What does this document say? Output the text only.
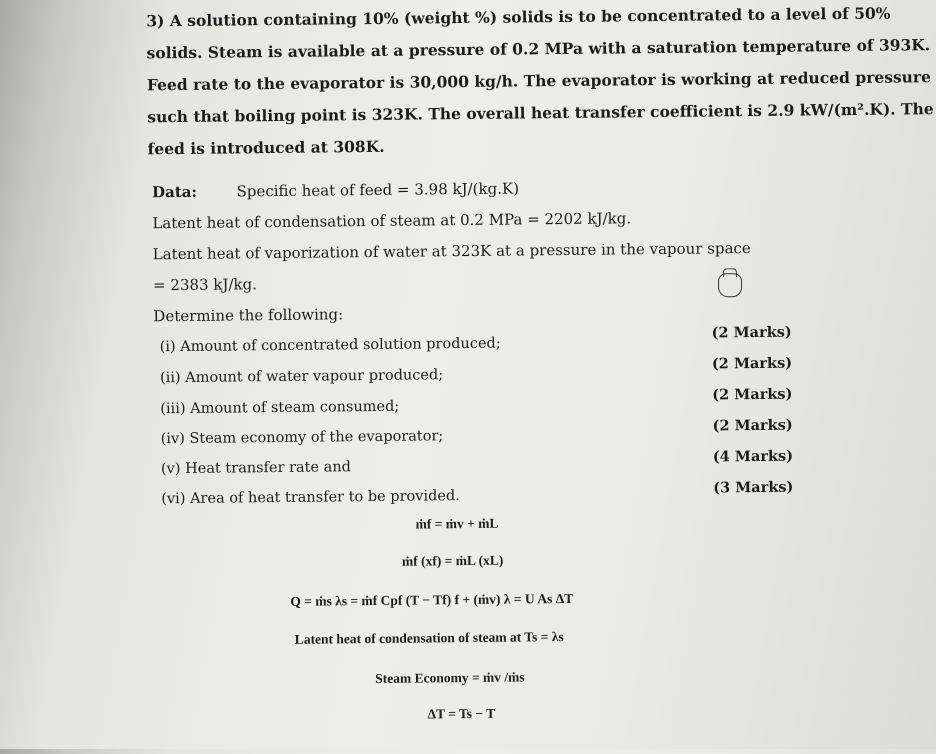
3) A solution containing 10% (weight %) solids is to be concentrated to a level of 50%
solids. Steam is available at a pressure of 0.2 MPa with a saturation temperature of 393K.
Feed rate to the evaporator is 30,000 kg/h. The evaporator is working at reduced pressure
such that boiling point is 323K. The overall heat transfer coefficient is 2.9 kW/(m².K). The
feed is introduced at 308K.
Data:	Specific heat of feed = 3.98 kJ/(kg.K)
Latent heat of condensation of steam at 0.2 MPa = 2202 kJ/kg.
Latent heat of vaporization of water at 323K at a pressure in the vapour space
= 2383 kJ/kg.
Determine the following:
(i) Amount of concentrated solution produced;
(2 Marks)
(ii) Amount of water vapour produced;
(2 Marks)
(iii) Amount of steam consumed;
(2 Marks)
(iv) Steam economy of the evaporator;
(2 Marks)
(v) Heat transfer rate and
(4 Marks)
(vi) Area of heat transfer to be provided.
(3 Marks)
ṁf = ṁv + ṁL
ṁf (xf) = ṁL (xL)
Q = ṁs λs = ṁf Cpf (T − Tf) f + (ṁv) λ = U As ΔT
Latent heat of condensation of steam at Ts = λs
Steam Economy = ṁv /ṁs
ΔT = Ts − T
